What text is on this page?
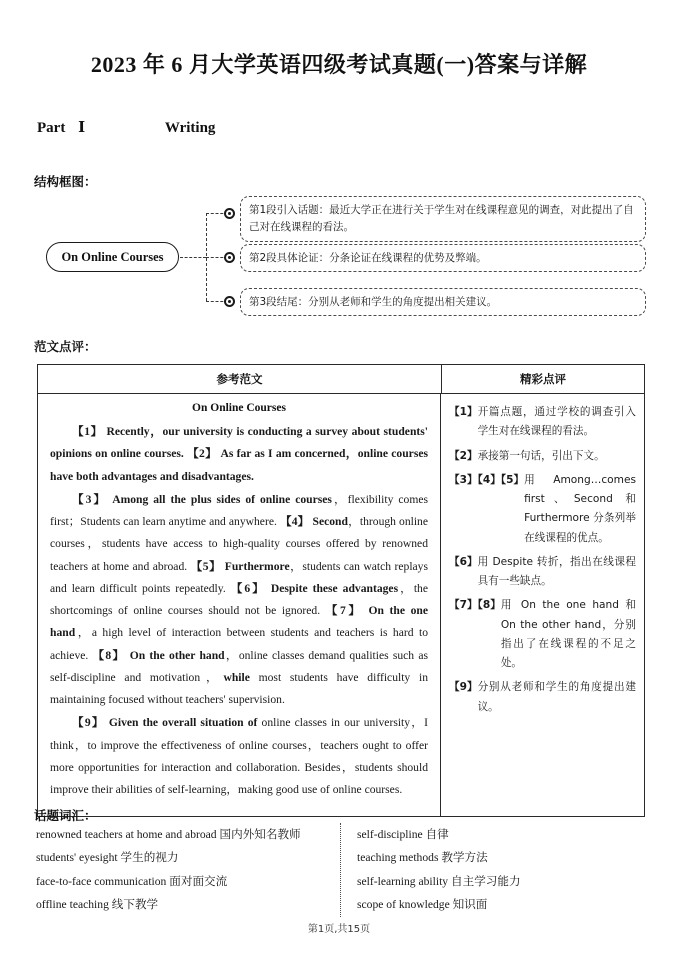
2023 年 6 月大学英语四级考试真题(一)答案与详解
Part Ⅰ	Writing
结构框图：
On Online Courses
第1段引入话题：最近大学正在进行关于学生对在线课程意见的调查，对此提出了自己对在线课程的看法。
第2段具体论证：分条论证在线课程的优势及弊端。
第3段结尾：分别从老师和学生的角度提出相关建议。
范文点评：
参考范文	精彩点评
On Online Courses
【1】 Recently，our university is conducting a survey about students' opinions on online courses. 【2】 As far as I am concerned，online courses have both advantages and disadvantages.
【3】 Among all the plus sides of online courses，flexibility comes first；Students can learn anytime and anywhere. 【4】 Second，through online courses，students have access to high-quality courses offered by renowned teachers at home and abroad. 【5】 Furthermore，students can watch replays and learn difficult points repeatedly. 【6】 Despite these advantages，the shortcomings of online courses should not be ignored. 【7】 On the one hand，a high level of interaction between students and teachers is hard to achieve. 【8】 On the other hand，online classes demand qualities such as self-discipline and motivation，while most students have difficulty in maintaining focused without teachers' supervision.
【9】 Given the overall situation of online classes in our university，I think，to improve the effectiveness of online courses，teachers ought to offer more opportunities for interaction and collaboration. Besides，students should improve their abilities of self-learning，making good use of online courses.
【1】 开篇点题，通过学校的调查引入学生对在线课程的看法。
【2】 承接第一句话，引出下文。
【3】【4】【5】 用 Among…comes first、Second 和 Furthermore 分条列举在线课程的优点。
【6】 用 Despite 转折，指出在线课程具有一些缺点。
【7】【8】 用 On the one hand 和 On the other hand，分别指出了在线课程的不足之处。
【9】 分别从老师和学生的角度提出建议。
话题词汇：
renowned teachers at home and abroad 国内外知名教师
students' eyesight 学生的视力
face-to-face communication 面对面交流
offline teaching 线下教学
self-discipline 自律
teaching methods 教学方法
self-learning ability 自主学习能力
scope of knowledge 知识面
第1页,共15页
